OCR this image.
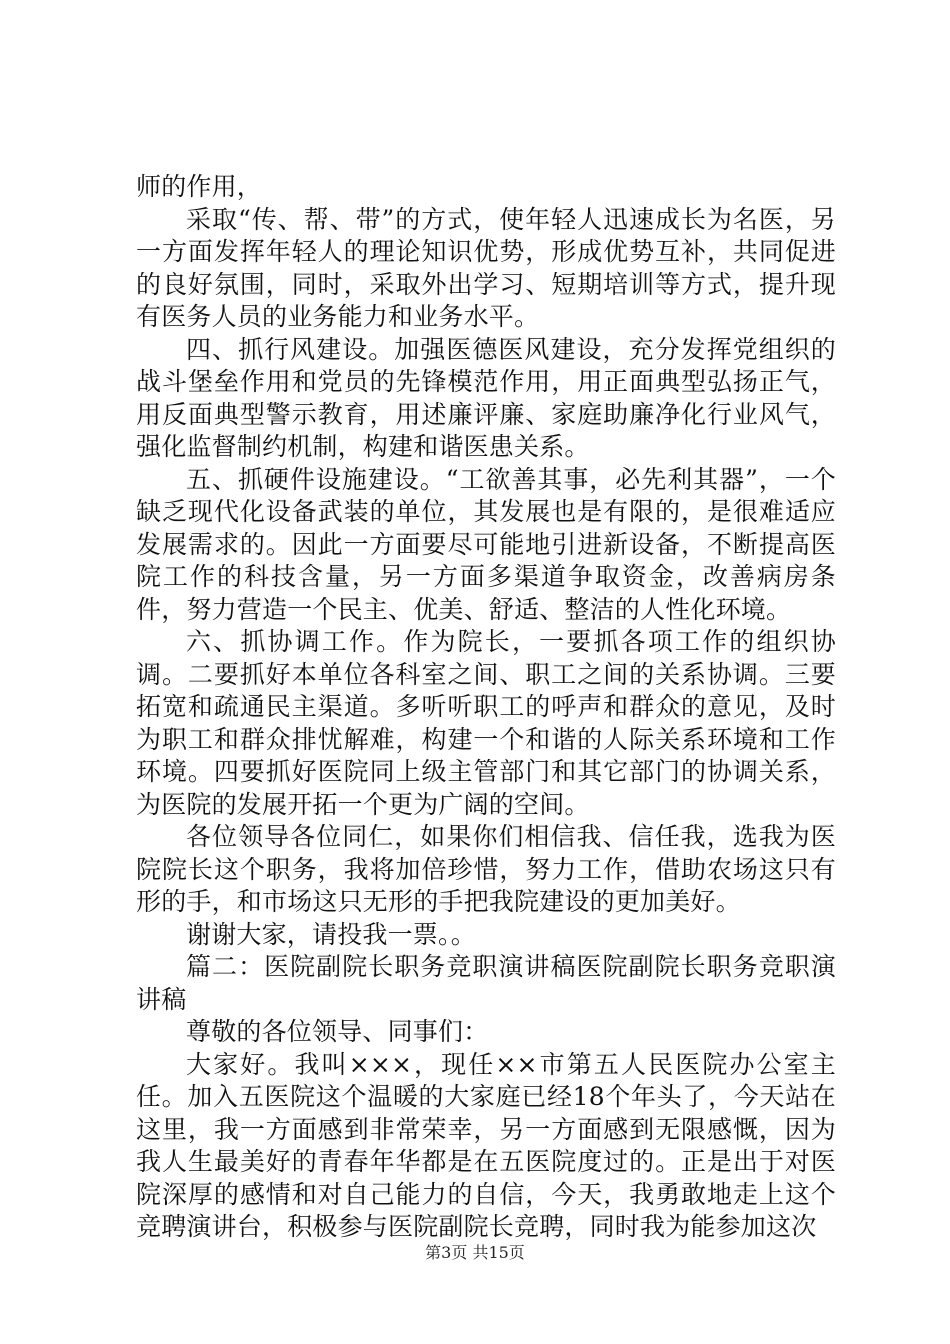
师的作用，

采取“传、帮、带”的方式，使年轻人迅速成长为名医，另一方面发挥年轻人的理论知识优势，形成优势互补，共同促进的良好氛围，同时，采取外出学习、短期培训等方式，提升现有医务人员的业务能力和业务水平。

四、抓行风建设。加强医德医风建设，充分发挥党组织的战斗堡垒作用和党员的先锋模范作用，用正面典型弘扬正气，用反面典型警示教育，用述廉评廉、家庭助廉净化行业风气，强化监督制约机制，构建和谐医患关系。

五、抓硬件设施建设。“工欲善其事，必先利其器”，一个缺乏现代化设备武装的单位，其发展也是有限的，是很难适应发展需求的。因此一方面要尽可能地引进新设备，不断提高医院工作的科技含量，另一方面多渠道争取资金，改善病房条件，努力营造一个民主、优美、舒适、整洁的人性化环境。

六、抓协调工作。作为院长，一要抓各项工作的组织协调。二要抓好本单位各科室之间、职工之间的关系协调。三要拓宽和疏通民主渠道。多听听职工的呼声和群众的意见，及时为职工和群众排忧解难，构建一个和谐的人际关系环境和工作环境。四要抓好医院同上级主管部门和其它部门的协调关系，为医院的发展开拓一个更为广阔的空间。

各位领导各位同仁，如果你们相信我、信任我，选我为医院院长这个职务，我将加倍珍惜，努力工作，借助农场这只有形的手，和市场这只无形的手把我院建设的更加美好。

谢谢大家，请投我一票。。

篇二：医院副院长职务竞职演讲稿医院副院长职务竞职演讲稿

尊敬的各位领导、同事们：

大家好。我叫×××，现任××市第五人民医院办公室主任。加入五医院这个温暖的大家庭已经18个年头了，今天站在这里，我一方面感到非常荣幸，另一方面感到无限感慨，因为我人生最美好的青春年华都是在五医院度过的。正是出于对医院深厚的感情和对自己能力的自信，今天，我勇敢地走上这个竞聘演讲台，积极参与医院副院长竞聘，同时我为能参加这次

第3页 共15页
